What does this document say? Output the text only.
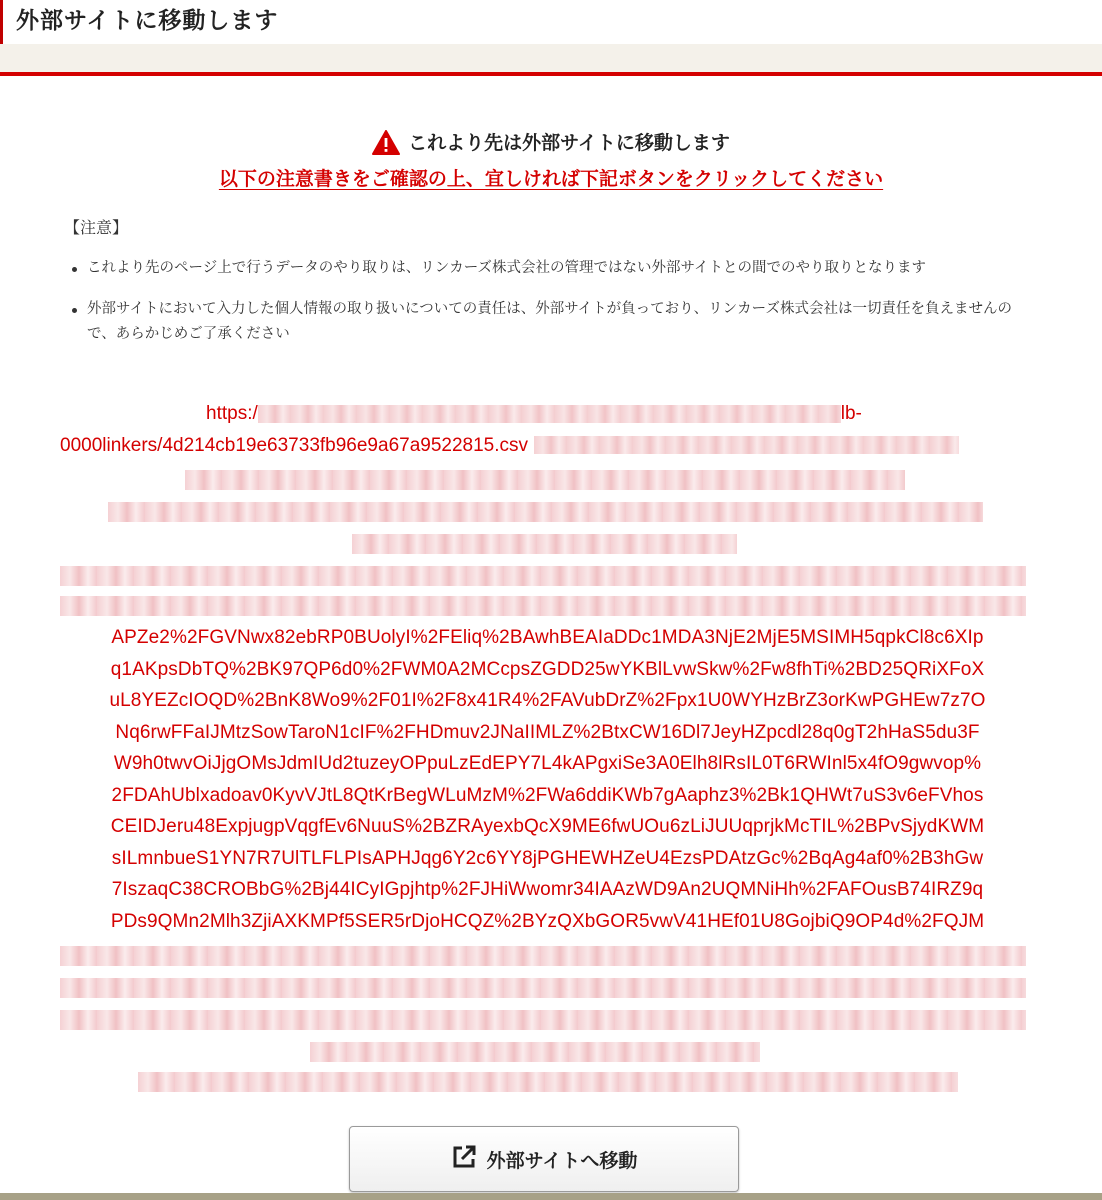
外部サイトに移動します
これより先は外部サイトに移動します
以下の注意書きをご確認の上、宜しければ下記ボタンをクリックしてください
【注意】
これより先のページ上で行うデータのやり取りは、リンカーズ株式会社の管理ではない外部サイトとの間でのやり取りとなります
外部サイトにおいて入力した個人情報の取り扱いについての責任は、外部サイトが負っており、リンカーズ株式会社は一切責任を負えませんので、あらかじめご了承ください
https:/	lb-
0000linkers/4d214cb19e63733fb96e9a67a9522815.csv
APZe2%2FGVNwx82ebRP0BUolyI%2FEliq%2BAwhBEAIaDDc1MDA3NjE2MjE5MSIMH5qpkCl8c6XIp
q1AKpsDbTQ%2BK97QP6d0%2FWM0A2MCcpsZGDD25wYKBlLvwSkw%2Fw8fhTi%2BD25QRiXFoX
uL8YEZcIOQD%2BnK8Wo9%2F01I%2F8x41R4%2FAVubDrZ%2Fpx1U0WYHzBrZ3orKwPGHEw7z7O
Nq6rwFFaIJMtzSowTaroN1cIF%2FHDmuv2JNaIIMLZ%2BtxCW16Dl7JeyHZpcdl28q0gT2hHaS5du3F
W9h0twvOiJjgOMsJdmIUd2tuzeyOPpuLzEdEPY7L4kAPgxiSe3A0Elh8lRsIL0T6RWInl5x4fO9gwvop%
2FDAhUblxadoav0KyvVJtL8QtKrBegWLuMzM%2FWa6ddiKWb7gAaphz3%2Bk1QHWt7uS3v6eFVhos
CEIDJeru48ExpjugpVqgfEv6NuuS%2BZRAyexbQcX9ME6fwUOu6zLiJUUqprjkMcTIL%2BPvSjydKWM
sILmnbueS1YN7R7UlTLFLPIsAPHJqg6Y2c6YY8jPGHEWHZeU4EzsPDAtzGc%2BqAg4af0%2B3hGw
7IszaqC38CROBbG%2Bj44ICyIGpjhtp%2FJHiWwomr34IAAzWD9An2UQMNiHh%2FAFOusB74IRZ9q
PDs9QMn2Mlh3ZjiAXKMPf5SER5rDjoHCQZ%2BYzQXbGOR5vwV41HEf01U8GojbiQ9OP4d%2FQJM
外部サイトへ移動
